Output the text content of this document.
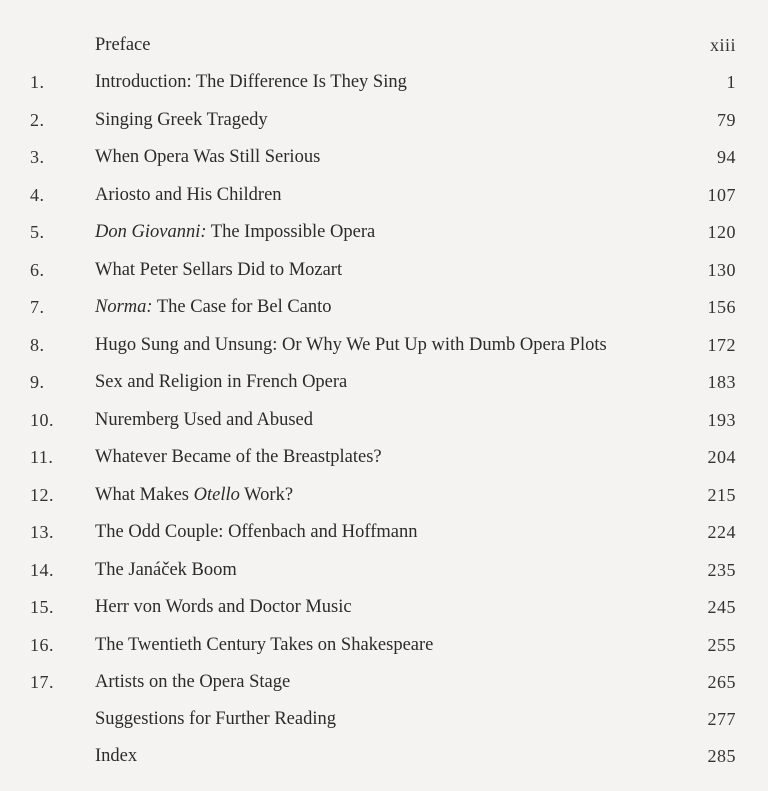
Preface	xiii
1.	Introduction: The Difference Is They Sing	1
2.	Singing Greek Tragedy	79
3.	When Opera Was Still Serious	94
4.	Ariosto and His Children	107
5.	Don Giovanni: The Impossible Opera	120
6.	What Peter Sellars Did to Mozart	130
7.	Norma: The Case for Bel Canto	156
8.	Hugo Sung and Unsung: Or Why We Put Up with Dumb Opera Plots	172
9.	Sex and Religion in French Opera	183
10. Nuremberg Used and Abused	193
11. Whatever Became of the Breastplates?	204
12. What Makes Otello Work?	215
13. The Odd Couple: Offenbach and Hoffmann	224
14. The Janáček Boom	235
15. Herr von Words and Doctor Music	245
16. The Twentieth Century Takes on Shakespeare	255
17. Artists on the Opera Stage	265
Suggestions for Further Reading	277
Index	285
